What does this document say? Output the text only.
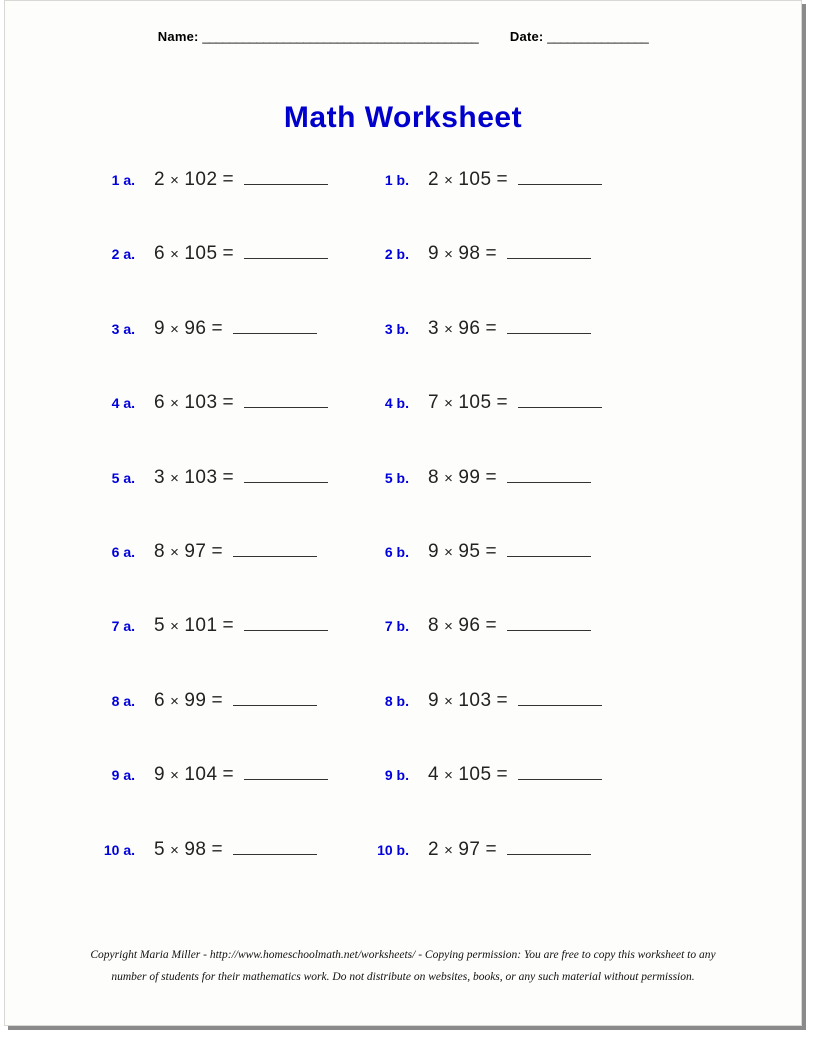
Name: _________________________________________ Date: _______________
Math Worksheet
1 a. 2 × 102 =	1 b. 2 × 105 =
2 a. 6 × 105 =	2 b. 9 × 98 =
3 a. 9 × 96 =	3 b. 3 × 96 =
4 a. 6 × 103 =	4 b. 7 × 105 =
5 a. 3 × 103 =	5 b. 8 × 99 =
6 a. 8 × 97 =	6 b. 9 × 95 =
7 a. 5 × 101 =	7 b. 8 × 96 =
8 a. 6 × 99 =	8 b. 9 × 103 =
9 a. 9 × 104 =	9 b. 4 × 105 =
10 a. 5 × 98 =	10 b. 2 × 97 =
Copyright Maria Miller - http://www.homeschoolmath.net/worksheets/ - Copying permission: You are free to copy this worksheet to any
number of students for their mathematics work. Do not distribute on websites, books, or any such material without permission.
